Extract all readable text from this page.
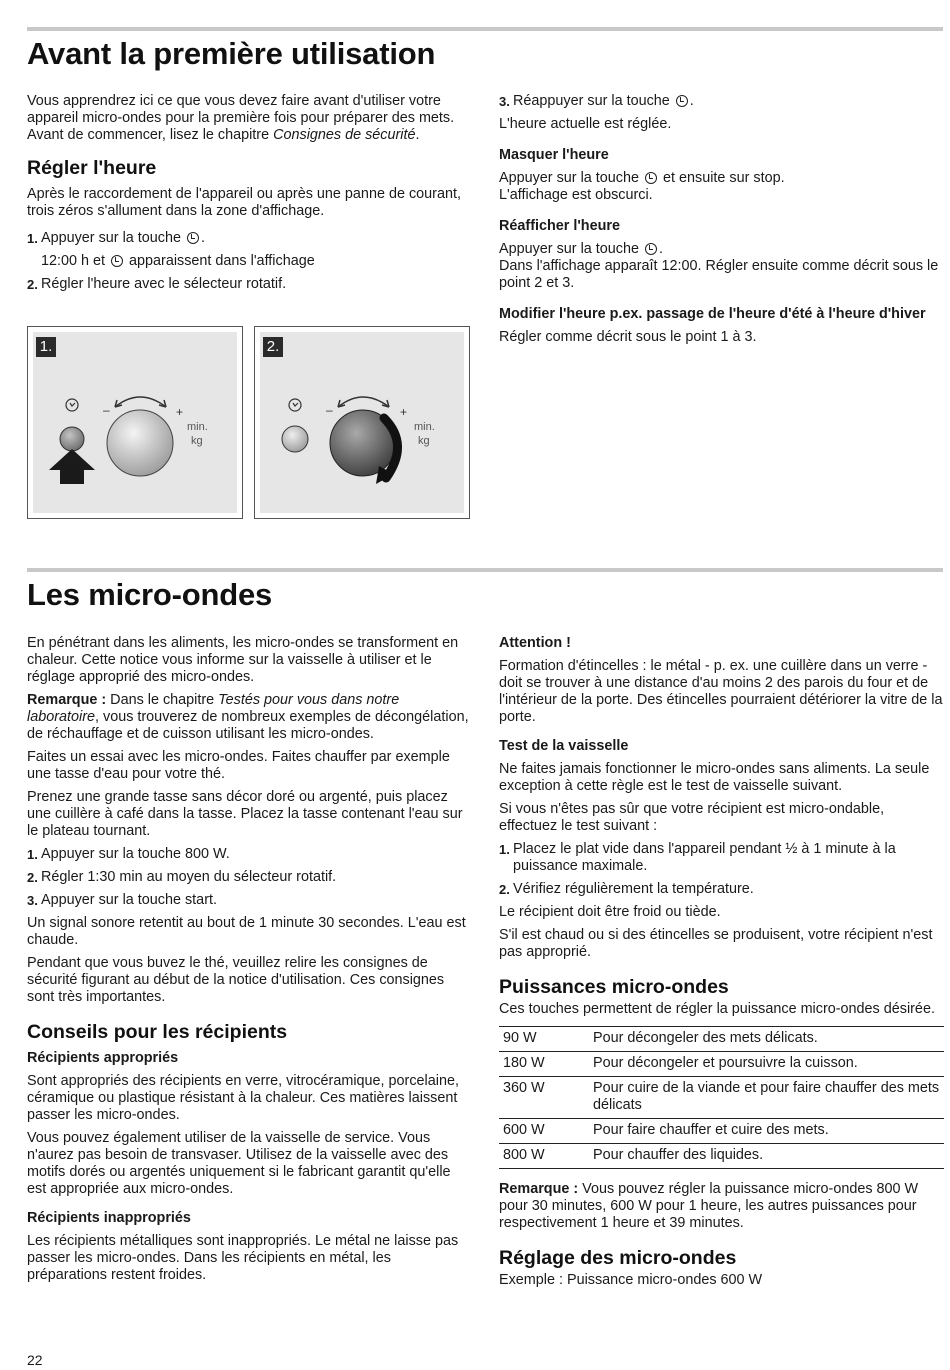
Avant la première utilisation

Vous apprendrez ici ce que vous devez faire avant d'utiliser votre appareil micro-ondes pour la première fois pour préparer des mets. Avant de commencer, lisez le chapitre Consignes de sécurité.

Régler l'heure

Après le raccordement de l'appareil ou après une panne de courant, trois zéros s'allument dans la zone d'affichage.

1. Appuyer sur la touche .
12:00 h et  apparaissent dans l'affichage
2. Régler l'heure avec le sélecteur rotatif.
1.
–	+
min.
kg
2.
–	+
min.
kg
3. Réappuyer sur la touche .

L'heure actuelle est réglée.

Masquer l'heure

Appuyer sur la touche  et ensuite sur stop.

L'affichage est obscurci.

Réafficher l'heure

Appuyer sur la touche .

Dans l'affichage apparaît 12:00. Régler ensuite comme décrit sous le point 2 et 3.

Modifier l'heure p.ex. passage de l'heure d'été à l'heure d'hiver

Régler comme décrit sous le point 1 à 3.

Les micro-ondes

En pénétrant dans les aliments, les micro-ondes se transforment en chaleur. Cette notice vous informe sur la vaisselle à utiliser et le réglage approprié des micro-ondes.

Remarque : Dans le chapitre Testés pour vous dans notre laboratoire, vous trouverez de nombreux exemples de décongélation, de réchauffage et de cuisson utilisant les micro-ondes.

Faites un essai avec les micro-ondes. Faites chauffer par exemple une tasse d'eau pour votre thé.

Prenez une grande tasse sans décor doré ou argenté, puis placez une cuillère à café dans la tasse. Placez la tasse contenant l'eau sur le plateau tournant.

1. Appuyer sur la touche 800 W.
2. Régler 1:30 min au moyen du sélecteur rotatif.
3. Appuyer sur la touche start.

Un signal sonore retentit au bout de 1 minute 30 secondes. L'eau est chaude.

Pendant que vous buvez le thé, veuillez relire les consignes de sécurité figurant au début de la notice d'utilisation. Ces consignes sont très importantes.

Conseils pour les récipients
Récipients appropriés

Sont appropriés des récipients en verre, vitrocéramique, porcelaine, céramique ou plastique résistant à la chaleur. Ces matières laissent passer les micro-ondes.

Vous pouvez également utiliser de la vaisselle de service. Vous n'aurez pas besoin de transvaser. Utilisez de la vaisselle avec des motifs dorés ou argentés uniquement si le fabricant garantit qu'elle est appropriée aux micro-ondes.

Récipients inappropriés

Les récipients métalliques sont inappropriés. Le métal ne laisse pas passer les micro-ondes. Dans les récipients en métal, les préparations restent froides.

Attention !

Formation d'étincelles : le métal - p. ex. une cuillère dans un verre - doit se trouver à une distance d'au moins 2 des parois du four et de l'intérieur de la porte. Des étincelles pourraient détériorer la vitre de la porte.

Test de la vaisselle

Ne faites jamais fonctionner le micro-ondes sans aliments. La seule exception à cette règle est le test de vaisselle suivant.

Si vous n'êtes pas sûr que votre récipient est micro-ondable, effectuez le test suivant :

1. Placez le plat vide dans l'appareil pendant ½ à 1 minute à la puissance maximale.
2. Vérifiez régulièrement la température.

Le récipient doit être froid ou tiède.

S'il est chaud ou si des étincelles se produisent, votre récipient n'est pas approprié.

Puissances micro-ondes

Ces touches permettent de régler la puissance micro-ondes désirée.

90 W	Pour décongeler des mets délicats.
180 W	Pour décongeler et poursuivre la cuisson.
360 W	Pour cuire de la viande et pour faire chauffer des mets délicats
600 W	Pour faire chauffer et cuire des mets.
800 W	Pour chauffer des liquides.

Remarque : Vous pouvez régler la puissance micro-ondes 800 W pour 30 minutes, 600 W pour 1 heure, les autres puissances pour respectivement 1 heure et 39 minutes.

Réglage des micro-ondes

Exemple : Puissance micro-ondes 600 W

22
